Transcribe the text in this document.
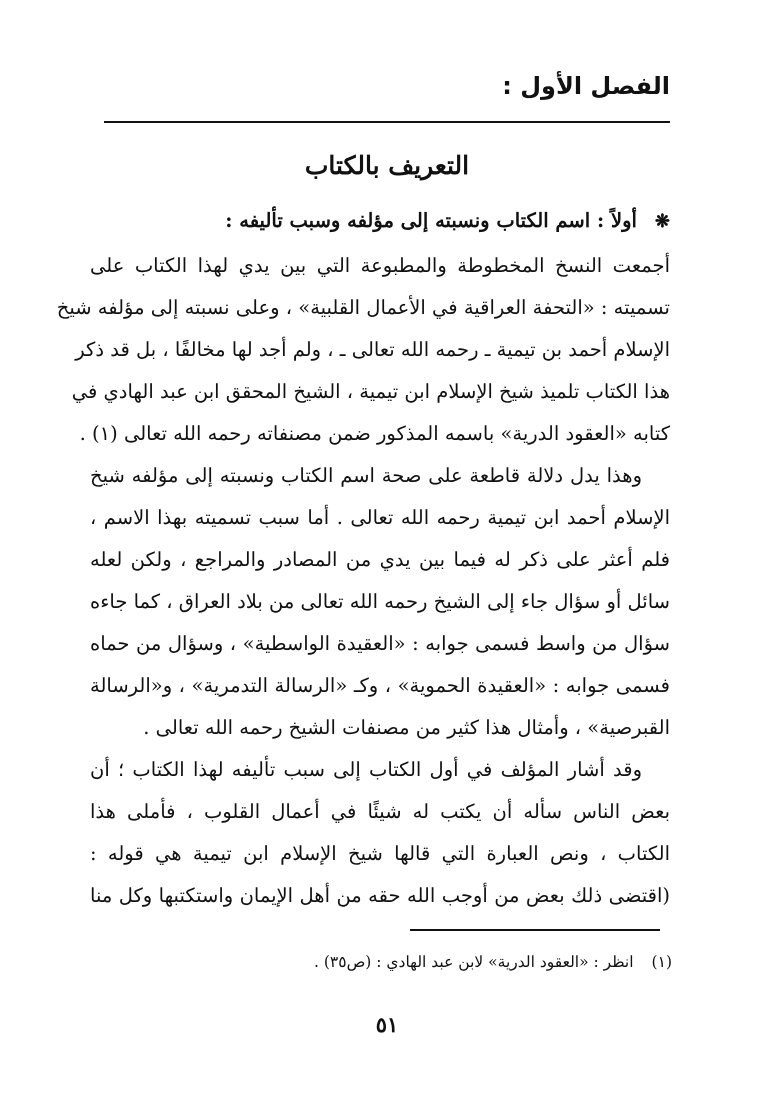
الفصل الأول :
التعريف بالكتاب
❋أولاً : اسم الكتاب ونسبته إلى مؤلفه وسبب تأليفه :
أجمعت النسخ المخطوطة والمطبوعة التي بين يدي لهذا الكتاب على
تسميته : «التحفة العراقية في الأعمال القلبية» ، وعلى نسبته إلى مؤلفه شيخ
الإسلام أحمد بن تيمية ـ رحمه الله تعالى ـ ، ولم أجد لها مخالفًا ، بل قد ذكر
هذا الكتاب تلميذ شيخ الإسلام ابن تيمية ، الشيخ المحقق ابن عبد الهادي في
كتابه «العقود الدرية» باسمه المذكور ضمن مصنفاته رحمه الله تعالى (١) .
وهذا يدل دلالة قاطعة على صحة اسم الكتاب ونسبته إلى مؤلفه شيخ
الإسلام أحمد ابن تيمية رحمه الله تعالى . أما سبب تسميته بهذا الاسم ،
فلم أعثر على ذكر له فيما بين يدي من المصادر والمراجع ، ولكن لعله
سائل أو سؤال جاء إلى الشيخ رحمه الله تعالى من بلاد العراق ، كما جاءه
سؤال من واسط فسمى جوابه : «العقيدة الواسطية» ، وسؤال من حماه
فسمى جوابه : «العقيدة الحموية» ، وكـ «الرسالة التدمرية» ، و«الرسالة
القبرصية» ، وأمثال هذا كثير من مصنفات الشيخ رحمه الله تعالى .
وقد أشار المؤلف في أول الكتاب إلى سبب تأليفه لهذا الكتاب ؛ أن
بعض الناس سأله أن يكتب له شيئًا في أعمال القلوب ، فأملى هذا
الكتاب ، ونص العبارة التي قالها شيخ الإسلام ابن تيمية هي قوله :
(اقتضى ذلك بعض من أوجب الله حقه من أهل الإيمان واستكتبها وكل منا
(١)انظر : «العقود الدرية» لابن عبد الهادي : (ص٣٥) .
٥١
